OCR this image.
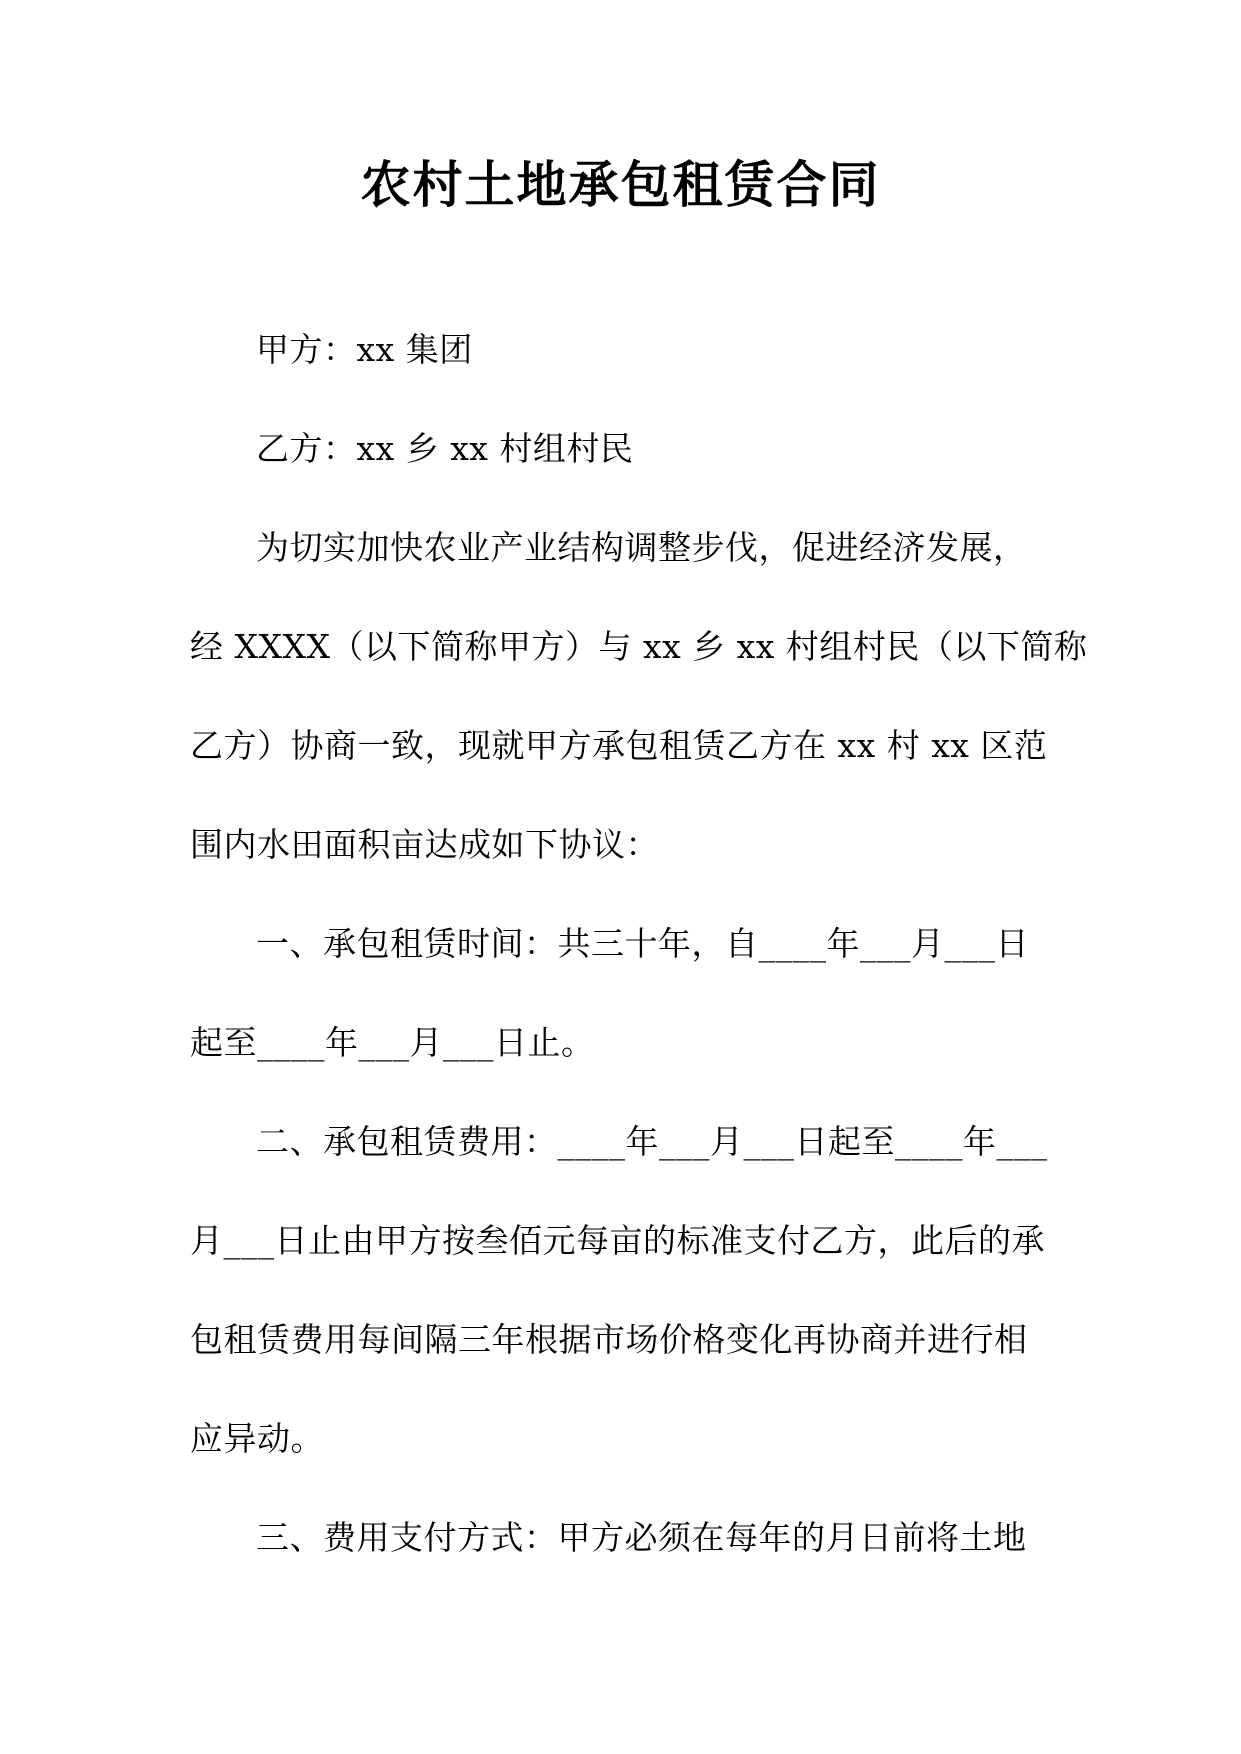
农村土地承包租赁合同
甲方：xx 集团
乙方：xx 乡 xx 村组村民
为切实加快农业产业结构调整步伐，促进经济发展，
经 XXXX（以下简称甲方）与 xx 乡 xx 村组村民（以下简称
乙方）协商一致，现就甲方承包租赁乙方在 xx 村 xx 区范
围内水田面积亩达成如下协议：
一、承包租赁时间：共三十年，自____年___月___日
起至____年___月___日止。
二、承包租赁费用：____年___月___日起至____年___
月___日止由甲方按叁佰元每亩的标准支付乙方，此后的承
包租赁费用每间隔三年根据市场价格变化再协商并进行相
应异动。
三、费用支付方式：甲方必须在每年的月日前将土地
